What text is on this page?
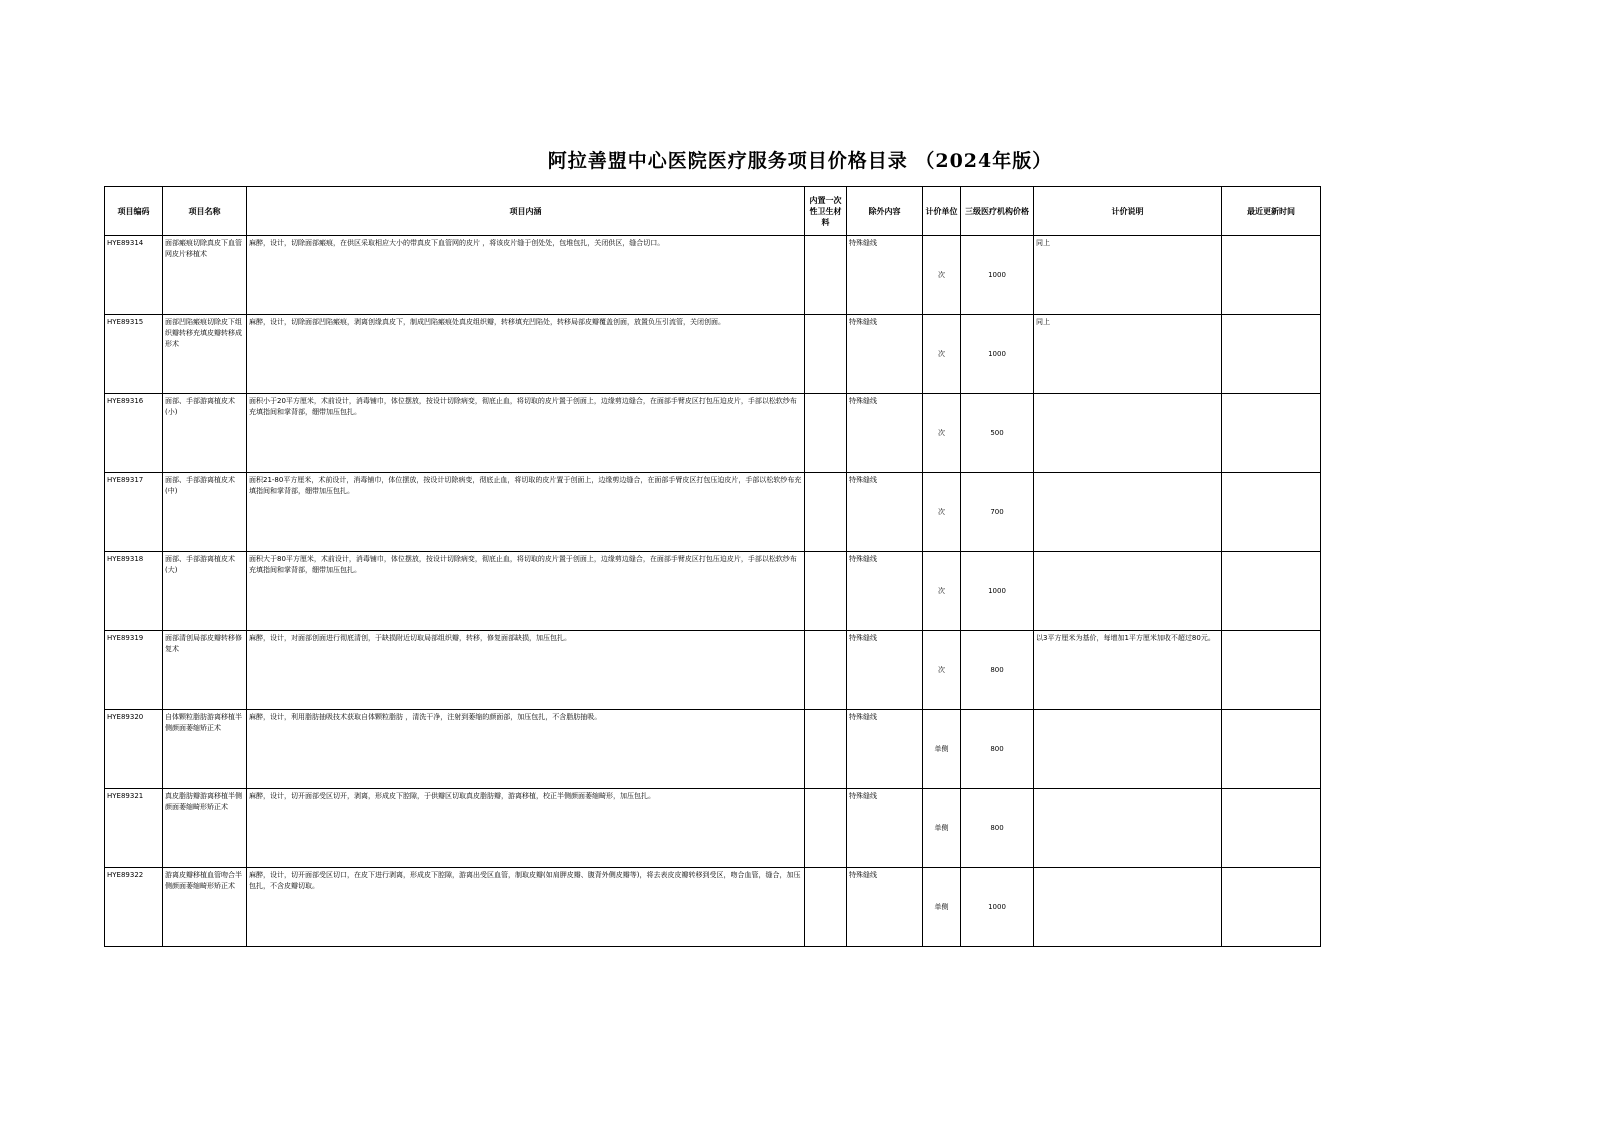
阿拉善盟中心医院医疗服务项目价格目录 （2024年版）
项目编码	项目名称	项目内涵	内置一次性卫生材料	除外内容	计价单位	三级医疗机构价格	计价说明	最近更新时间
HYE89314	面部瘢痕切除真皮下血管网皮片移植术	麻醉，设计，切除面部瘢痕，在供区采取相应大小的带真皮下血管网的皮片 ，将该皮片缝于创处处，包堆包扎，关闭供区，缝合切口。		特殊缝线	次	1000	同上	
HYE89315	面部凹陷瘢痕切除皮下组织瓣转移充填皮瓣转移成形术	麻醉，设计，切除面部凹陷瘢痕，剥离创缘真皮下，制成凹陷瘢痕处真皮组织瓣，转移填充凹陷处，转移局部皮瓣覆盖创面，放置负压引流管，关闭创面。		特殊缝线	次	1000	同上	
HYE89316	面部、手部游离植皮术(小)	面积小于20平方厘米，术前设计，消毒铺巾，体位摆放，按设计切除病变，彻底止血，将切取的皮片置于创面上，边缘剪边缝合，在面部手臂皮区打包压迫皮片，手部以松软纱布充填指间和掌背部，绷带加压包扎。		特殊缝线	次	500		
HYE89317	面部、手部游离植皮术(中)	面积21-80平方厘米，术前设计，消毒铺巾，体位摆放，按设计切除病变，彻底止血，将切取的皮片置于创面上，边缘剪边缝合，在面部手臂皮区打包压迫皮片，手部以松软纱布充填指间和掌背部，绷带加压包扎。		特殊缝线	次	700		
HYE89318	面部、手部游离植皮术(大)	面积大于80平方厘米，术前设计，消毒铺巾，体位摆放，按设计切除病变，彻底止血，将切取的皮片置于创面上，边缘剪边缝合，在面部手臂皮区打包压迫皮片，手部以松软纱布充填指间和掌背部，绷带加压包扎。		特殊缝线	次	1000		
HYE89319	面部清创局部皮瓣转移修复术	麻醉，设计，对面部创面进行彻底清创，于缺损附近切取局部组织瓣，转移，修复面部缺损，加压包扎。		特殊缝线	次	800	以3平方厘米为基价，每增加1平方厘米加收不超过80元。	
HYE89320	自体颗粒脂肪游离移植半侧颜面萎缩矫正术	麻醉，设计，利用脂肪抽吸技术获取自体颗粒脂肪 ，清洗干净，注射到萎缩的颜面部，加压包扎，不含脂肪抽吸。		特殊缝线	单侧	800		
HYE89321	真皮脂肪瓣游离移植半侧颜面萎缩畸形矫正术	麻醉，设计，切开面部受区切开，剥离，形成皮下腔隙，于供瓣区切取真皮脂肪瓣，游离移植，校正半侧颜面萎缩畸形，加压包扎。		特殊缝线	单侧	800		
HYE89322	游离皮瓣移植血管吻合半侧颜面萎缩畸形矫正术	麻醉，设计，切开面部受区切口，在皮下进行剥离，形成皮下腔隙，游离出受区血管，制取皮瓣(如肩胛皮瓣、腹背外侧皮瓣等)，将去表皮皮瓣转移到受区，吻合血管，缝合，加压包扎，不含皮瓣切取。		特殊缝线	单侧	1000		
